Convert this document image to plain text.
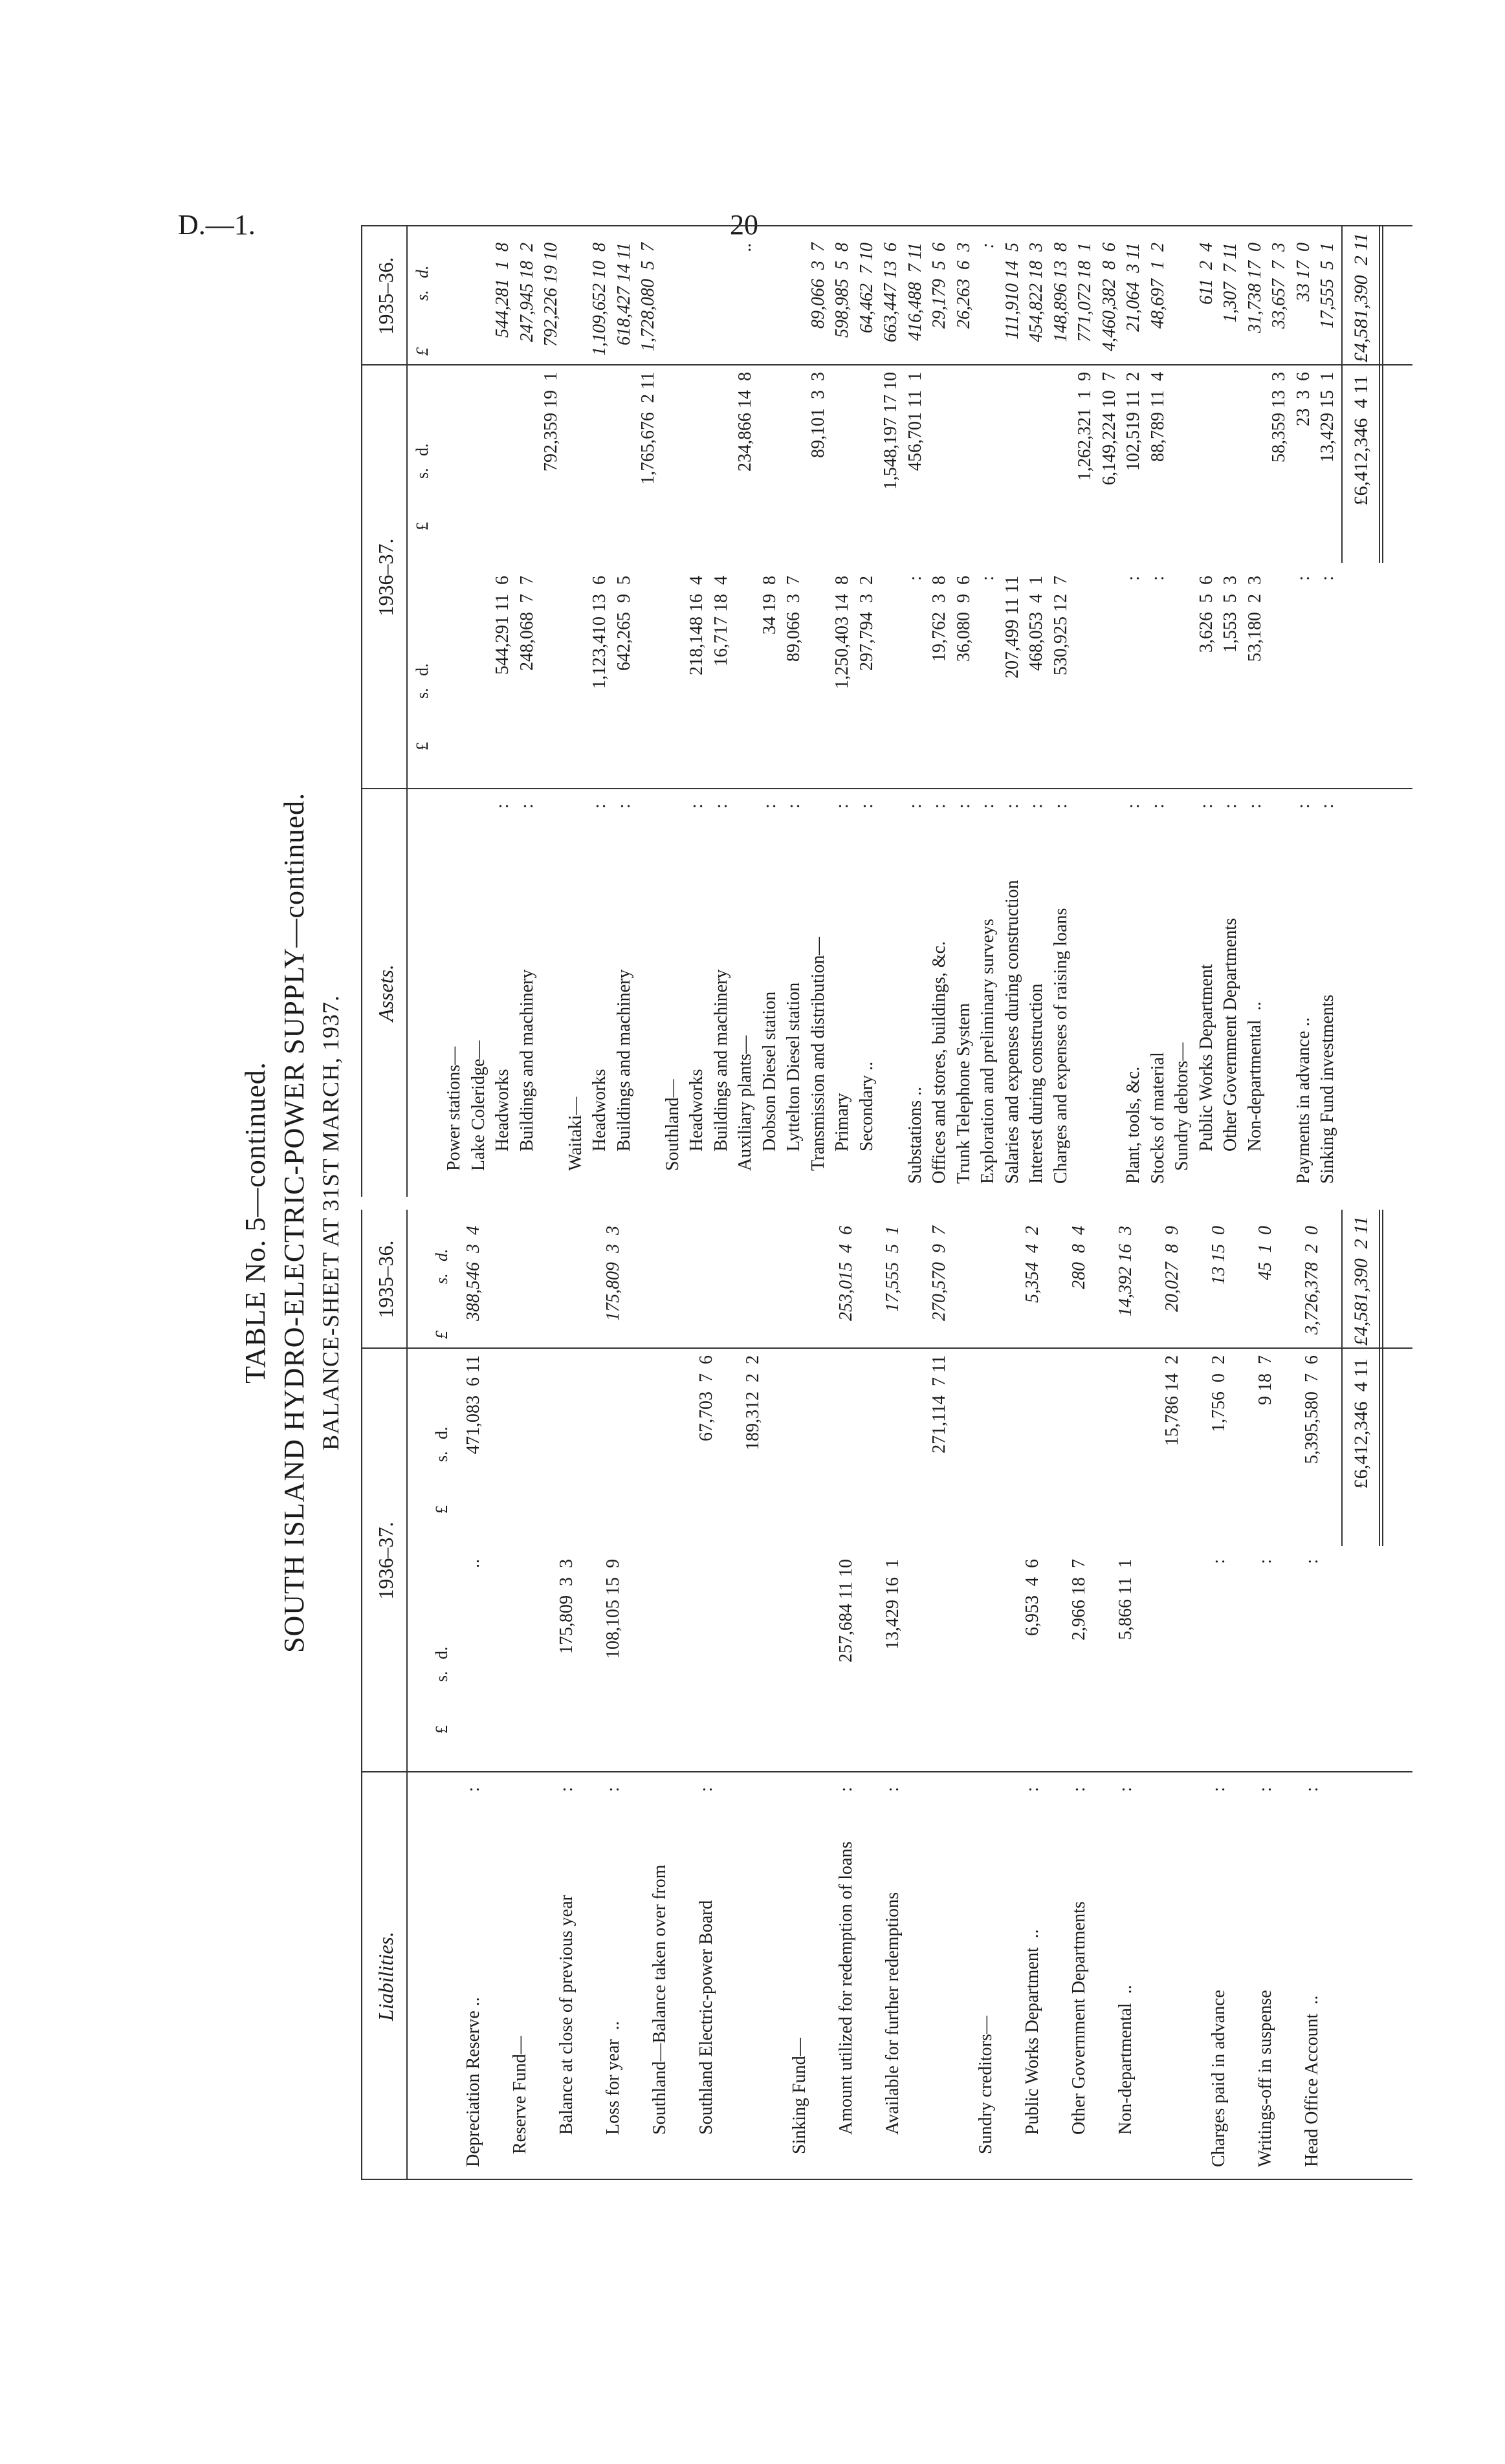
D.—1.	20
TABLE No. 5—continued. SOUTH ISLAND HYDRO-ELECTRIC-POWER SUPPLY—continued. BALANCE-SHEET AT 31ST MARCH, 1937.
Liabilities.
1936–37.
1935–36.
£
s.
d.
£
s.
d.
£
s.
d.
Depreciation Reserve ..
:
..
471,083  6 11
388,546  3  4
Reserve Fund— Balance at close of previous year
:
175,809  3  3
Loss for year  ..
:
108,105 15  9
175,809  3  3
Southland—Balance taken over from Southland Electric-power Board
:
67,703  7  6 189,312  2  2
Sinking Fund— Amount utilized for redemption of loans
:
257,684 11 10
253,015  4  6
Available for further redemptions
:
13,429 16  1
17,555  5  1
271,114  7 11
270,570  9  7
Sundry creditors— Public Works Department  ..
:
6,953  4  6
5,354  4  2
Other Government Departments
:
2,966 18  7
280  8  4
Non-departmental  ..
:
5,866 11  1
14,392 16  3
15,786 14  2
20,027  8  9
Charges paid in advance
:
:
1,756  0  2
13 15  0
Writings-off in suspense
:
:
9 18  7
45  1  0
Head Office Account  ..
:
:
5,395,580  7  6
3,726,378  2  0
£6,412,346  4 11
£4,581,390  2 11
Assets.
1936–37.
1935–36.
£
s.
d.
£
s.
d.
£
s.
d.
Power stations— Lake Coleridge— Headworks
:
544,291 11  6
544,281  1  8
Buildings and machinery
:
248,068  7  7
247,945 18  2
792,359 19  1
792,226 19 10
Waitaki— Headworks
:
1,123,410 13  6
1,109,652 10  8
Buildings and machinery
:
642,265  9  5
618,427 14 11
1,765,676  2 11
1,728,080  5  7
Southland— Headworks
:
218,148 16  4
Buildings and machinery
:
16,717 18  4
Auxiliary plants—
234,866 14  8
..
Dobson Diesel station
:
34 19  8
Lyttelton Diesel station
:
89,066  3  7
Transmission and distribution—
89,101  3  3
89,066  3  7
Primary
:
1,250,403 14  8
598,985  5  8
Secondary ..
:
297,794  3  2
64,462  7 10
1,548,197 17 10
663,447 13  6
Substations ..
:
:
456,701 11  1
416,488  7 11
Offices and stores, buildings, &c.
:
19,762  3  8
29,179  5  6
Trunk Telephone System
:
36,080  9  6
26,263  6  3
Exploration and preliminary surveys
:
:
:
Salaries and expenses during construction
:
207,499 11 11
111,910 14  5
Interest during construction
:
468,053  4  1
454,822 18  3
Charges and expenses of raising loans
:
530,925 12  7
148,896 13  8
1,262,321  1  9
771,072 18  1
6,149,224 10  7
4,460,382  8  6
Plant, tools, &c.
:
:
102,519 11  2
21,064  3 11
Stocks of material
:
:
88,789 11  4
48,697  1  2
Sundry debtors— Public Works Department
:
3,626  5  6
611  2  4
Other Government Departments
:
1,553  5  3
1,307  7 11
Non-departmental  ..
:
53,180  2  3
31,738 17  0
58,359 13  3
33,657  7  3
Payments in advance ..
:
:
23  3  6
33 17  0
Sinking Fund investments
:
:
13,429 15  1
17,555  5  1
£6,412,346  4 11
£4,581,390  2 11
